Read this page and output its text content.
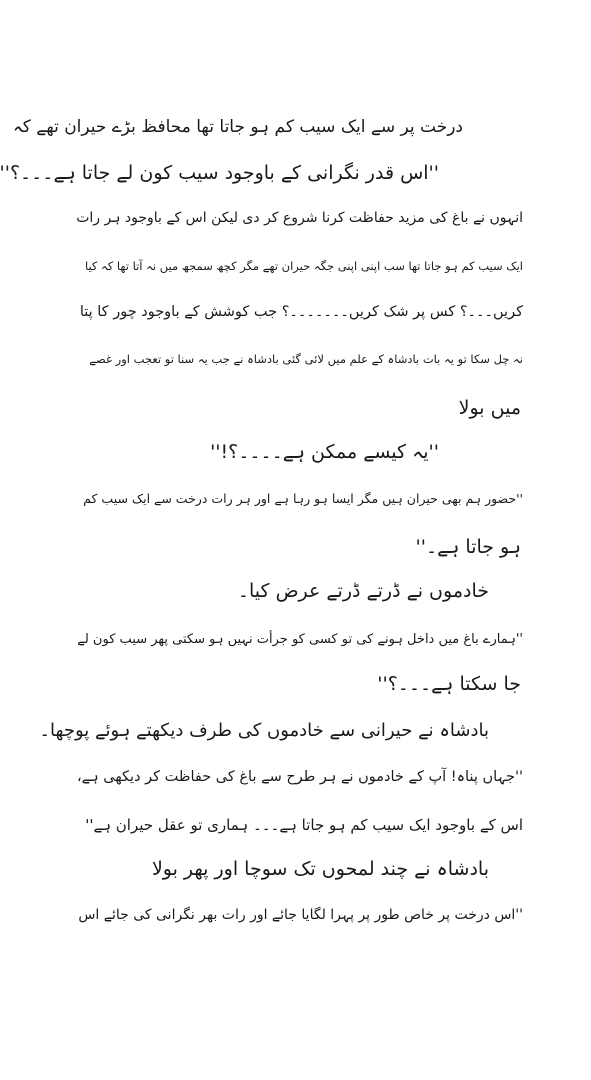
درخت پر سے ایک سیب کم ہو جاتا تھا محافظ بڑے حیران تھے کہ
''اس قدر نگرانی کے باوجود سیب کون لے جاتا ہے۔۔۔؟''
انہوں نے باغ کی مزید حفاظت کرنا شروع کر دی لیکن اس کے باوجود ہر رات
ایک سیب کم ہو جاتا تھا سب اپنی اپنی جگہ حیران تھے مگر کچھ سمجھ میں نہ آتا تھا کہ کیا
کریں۔۔۔؟ کس پر شک کریں۔۔۔۔۔۔۔؟ جب کوشش کے باوجود چور کا پتا
نہ چل سکا تو یہ بات بادشاہ کے علم میں لائی گئی بادشاہ نے جب یہ سنا تو تعجب اور غصے
میں بولا
''یہ کیسے ممکن ہے۔۔۔۔؟!''
''حضور ہم بھی حیران ہیں مگر ایسا ہو رہا ہے اور ہر رات درخت سے ایک سیب کم
ہو جاتا ہے۔''
خادموں نے ڈرتے ڈرتے عرض کیا۔
''ہمارے باغ میں داخل ہونے کی تو کسی کو جرأت نہیں ہو سکتی پھر سیب کون لے
جا سکتا ہے۔۔۔؟''
بادشاہ نے حیرانی سے خادموں کی طرف دیکھتے ہوئے پوچھا۔
''جہاں پناہ! آپ کے خادموں نے ہر طرح سے باغ کی حفاظت کر دیکھی ہے،
اس کے باوجود ایک سیب کم ہو جاتا ہے۔۔۔ ہماری تو عقل حیران ہے''
بادشاہ نے چند لمحوں تک سوچا اور پھر بولا
''اس درخت پر خاص طور پر پہرا لگایا جائے اور رات بھر نگرانی کی جائے اس
